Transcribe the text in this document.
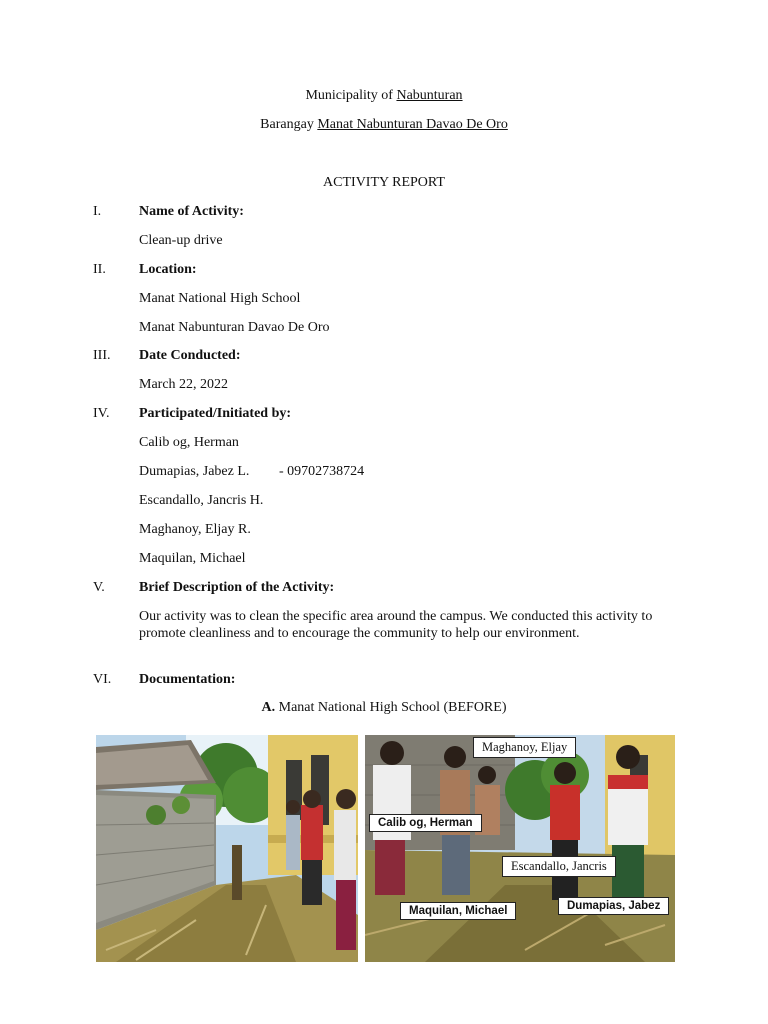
Municipality of Nabunturan
Barangay Manat Nabunturan Davao De Oro
ACTIVITY REPORT
I.	Name of Activity:
Clean-up drive
II. Location:
Manat National High School
Manat Nabunturan Davao De Oro
III. Date Conducted:
March 22, 2022
IV. Participated/Initiated by:
Calib og, Herman
Dumapias, Jabez L. - 09702738724
Escandallo, Jancris H.
Maghanoy, Eljay R.
Maquilan, Michael
V. Brief Description of the Activity:
Our activity was to clean the specific area around the campus. We conducted this activity to promote cleanliness and to encourage the community to help our environment.
VI. Documentation:
A. Manat National High School (BEFORE)
Maghanoy, Eljay
Calib og, Herman
Escandallo, Jancris
Maquilan, Michael	Dumapias, Jabez
